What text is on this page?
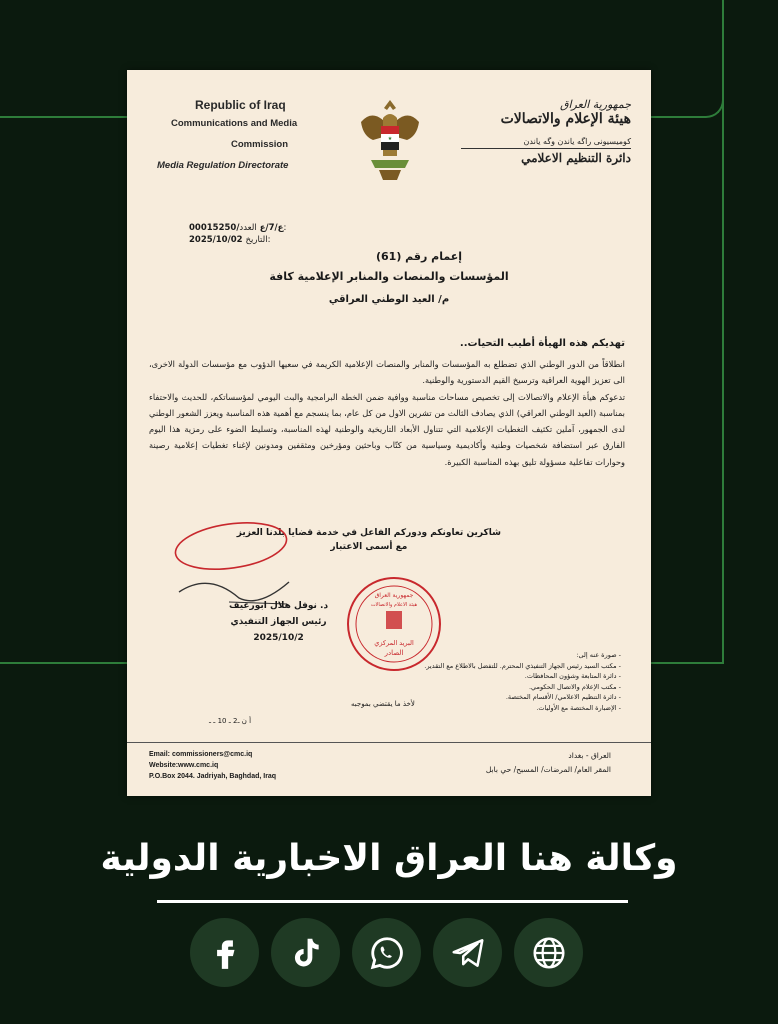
Republic of Iraq
Communications and Media
Commission
Media Regulation Directorate
★
جمهورية العراق
هيئة الإعلام والاتصالات
كوميسيونى راگه ياندن وگه ياندن
دائرة التنظيم الاعلامي
00015250/ع/7/ع العدد:
2025/10/02 التاريخ:
إعمام رقم (61)
المؤسسات والمنصات والمنابر الإعلامية كافة
م/ العيد الوطني العراقي
تهديكم هذه الهيأة أطيب التحيات..

انطلاقاً من الدور الوطني الذي تضطلع به المؤسسات والمنابر والمنصات الإعلامية الكريمة في سعيها الدؤوب مع مؤسسات الدولة الاخرى، الى تعزيز الهوية العراقية وترسيخ القيم الدستورية والوطنية.

تدعوكم هيأة الإعلام والاتصالات إلى تخصيص مساحات مناسبة ووافية ضمن الخطة البرامجية والبث اليومي لمؤسساتكم، للحديث والاحتفاء بمناسبة (العيد الوطني العراقي) الذي يصادف الثالث من تشرين الاول من كل عام، بما ينسجم مع أهمية هذه المناسبة ويعزز الشعور الوطني لدى الجمهور، آملين تكثيف التغطيات الإعلامية التي تتناول الأبعاد التاريخية والوطنية لهذه المناسبة، وتسليط الضوء على رمزية هذا اليوم الفارق عبر استضافة شخصيات وطنية وأكاديمية وسياسية من كتّاب وباحثين ومؤرخين ومثقفين ومدونين لإغناء تغطيات إعلامية رصينة وحوارات تفاعلية مسؤولة تليق بهذه المناسبة الكبيرة.

شاكرين تعاونكم ودوركم الفاعل في خدمة قضايا بلدنا العزيز
مع أسمى الاعتبار
د. نوفل هلال ابورغيف
رئيس الجهاز التنفيذي
2025/10/2
جمهورية العراق
هيئة الاعلام والاتصالات
البريد المركزي
الصادر	- صورة عنه إلى:
- مكتب السيد رئيس الجهاز التنفيذي المحترم. للتفضل بالاطلاع مع التقدير.
- دائرة المتابعة وشؤون المحافظات.
- مكتب الإعلام والاتصال الحكومي.
- دائرة التنظيم الاعلامي/ الأقسام المختصة.
- الإضبارة المختصة مع الأوليات.
لأخذ ما يقتضي بموجبه
أ ن ـ2 ـ 10 ـ ـ
Email: commissioners@cmc.iq
Website:www.cmc.iq
P.O.Box 2044. Jadriyah, Baghdad, Iraq
العراق - بغداد
المقر العام/ المرضات/ المسبح/ حي بابل
وكالة هنا العراق الاخبارية الدولية
